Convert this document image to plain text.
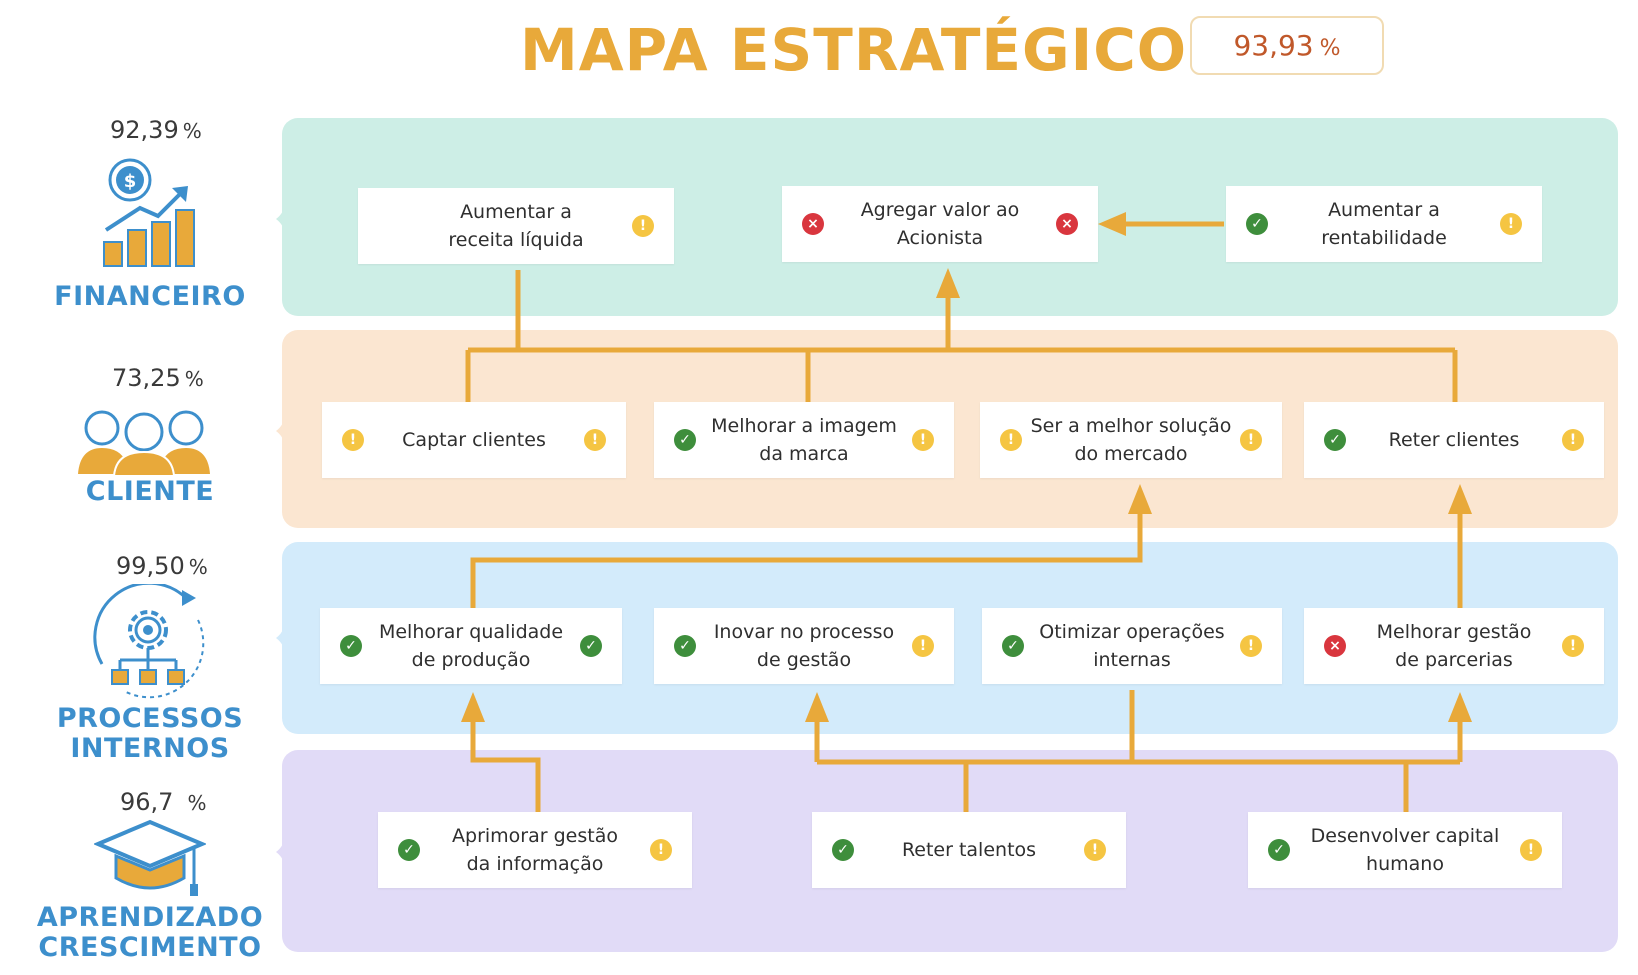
MAPA ESTRATÉGICO 93,93 %
92,39 %
$
FINANCEIRO
73,25 %
CLIENTE
99,50 %
PROCESSOS
INTERNOS
96,7 %
APRENDIZADO
CRESCIMENTO
✓
Aumentar a
receita líquida
!	×
Agregar valor ao
Acionista
×	✓
Aumentar a
rentabilidade
!
!	Captar clientes	!	✓
Melhorar a imagem
da marca
!	!
Ser a melhor solução
do mercado
!	✓	Reter clientes	!
✓
Melhorar qualidade
de produção
✓	✓
Inovar no processo
de gestão
!	✓
Otimizar operações
internas
!	×
Melhorar gestão
de parcerias
!
✓
Aprimorar gestão
da informação
!	✓	Reter talentos	!	✓
Desenvolver capital
humano
!
